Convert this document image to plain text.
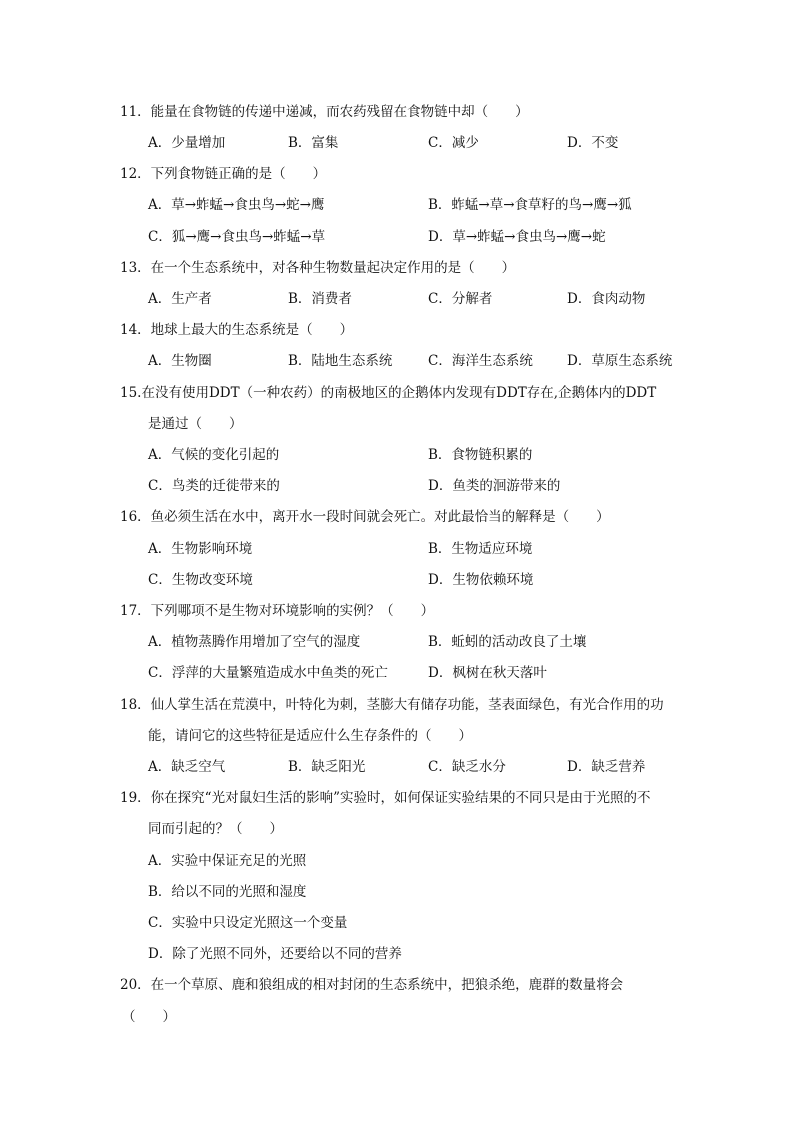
11．能量在食物链的传递中递减，而农药残留在食物链中却（　　）
A．少量增加	B．富集	C．减少	D．不变
12．下列食物链正确的是（　　）
A．草→蚱蜢→食虫鸟→蛇→鹰	B．蚱蜢→草→食草籽的鸟→鹰→狐
C．狐→鹰→食虫鸟→蚱蜢→草	D．草→蚱蜢→食虫鸟→鹰→蛇
13．在一个生态系统中，对各种生物数量起决定作用的是（　　）
A．生产者	B．消费者	C．分解者	D．食肉动物
14．地球上最大的生态系统是（　　）
A．生物圈	B．陆地生态系统	C．海洋生态系统	D．草原生态系统
15.在没有使用DDT（一种农药）的南极地区的企鹅体内发现有DDT存在,企鹅体内的DDT
是通过（　　）
A．气候的变化引起的	B．食物链积累的
C．鸟类的迁徙带来的	D．鱼类的洄游带来的
16．鱼必须生活在水中，离开水一段时间就会死亡。对此最恰当的解释是（　　）
A．生物影响环境	B．生物适应环境
C．生物改变环境	D．生物依赖环境
17．下列哪项不是生物对环境影响的实例？（　　）
A．植物蒸腾作用增加了空气的湿度	B．蚯蚓的活动改良了土壤
C．浮萍的大量繁殖造成水中鱼类的死亡	D．枫树在秋天落叶
18．仙人掌生活在荒漠中，叶特化为刺，茎膨大有储存功能，茎表面绿色，有光合作用的功
能，请问它的这些特征是适应什么生存条件的（　　）
A．缺乏空气	B．缺乏阳光	C．缺乏水分	D．缺乏营养
19．你在探究“光对鼠妇生活的影响”实验时，如何保证实验结果的不同只是由于光照的不
同而引起的？（　　）
A．实验中保证充足的光照
B．给以不同的光照和湿度
C．实验中只设定光照这一个变量
D．除了光照不同外，还要给以不同的营养
20．在一个草原、鹿和狼组成的相对封闭的生态系统中，把狼杀绝，鹿群的数量将会
（　　）
